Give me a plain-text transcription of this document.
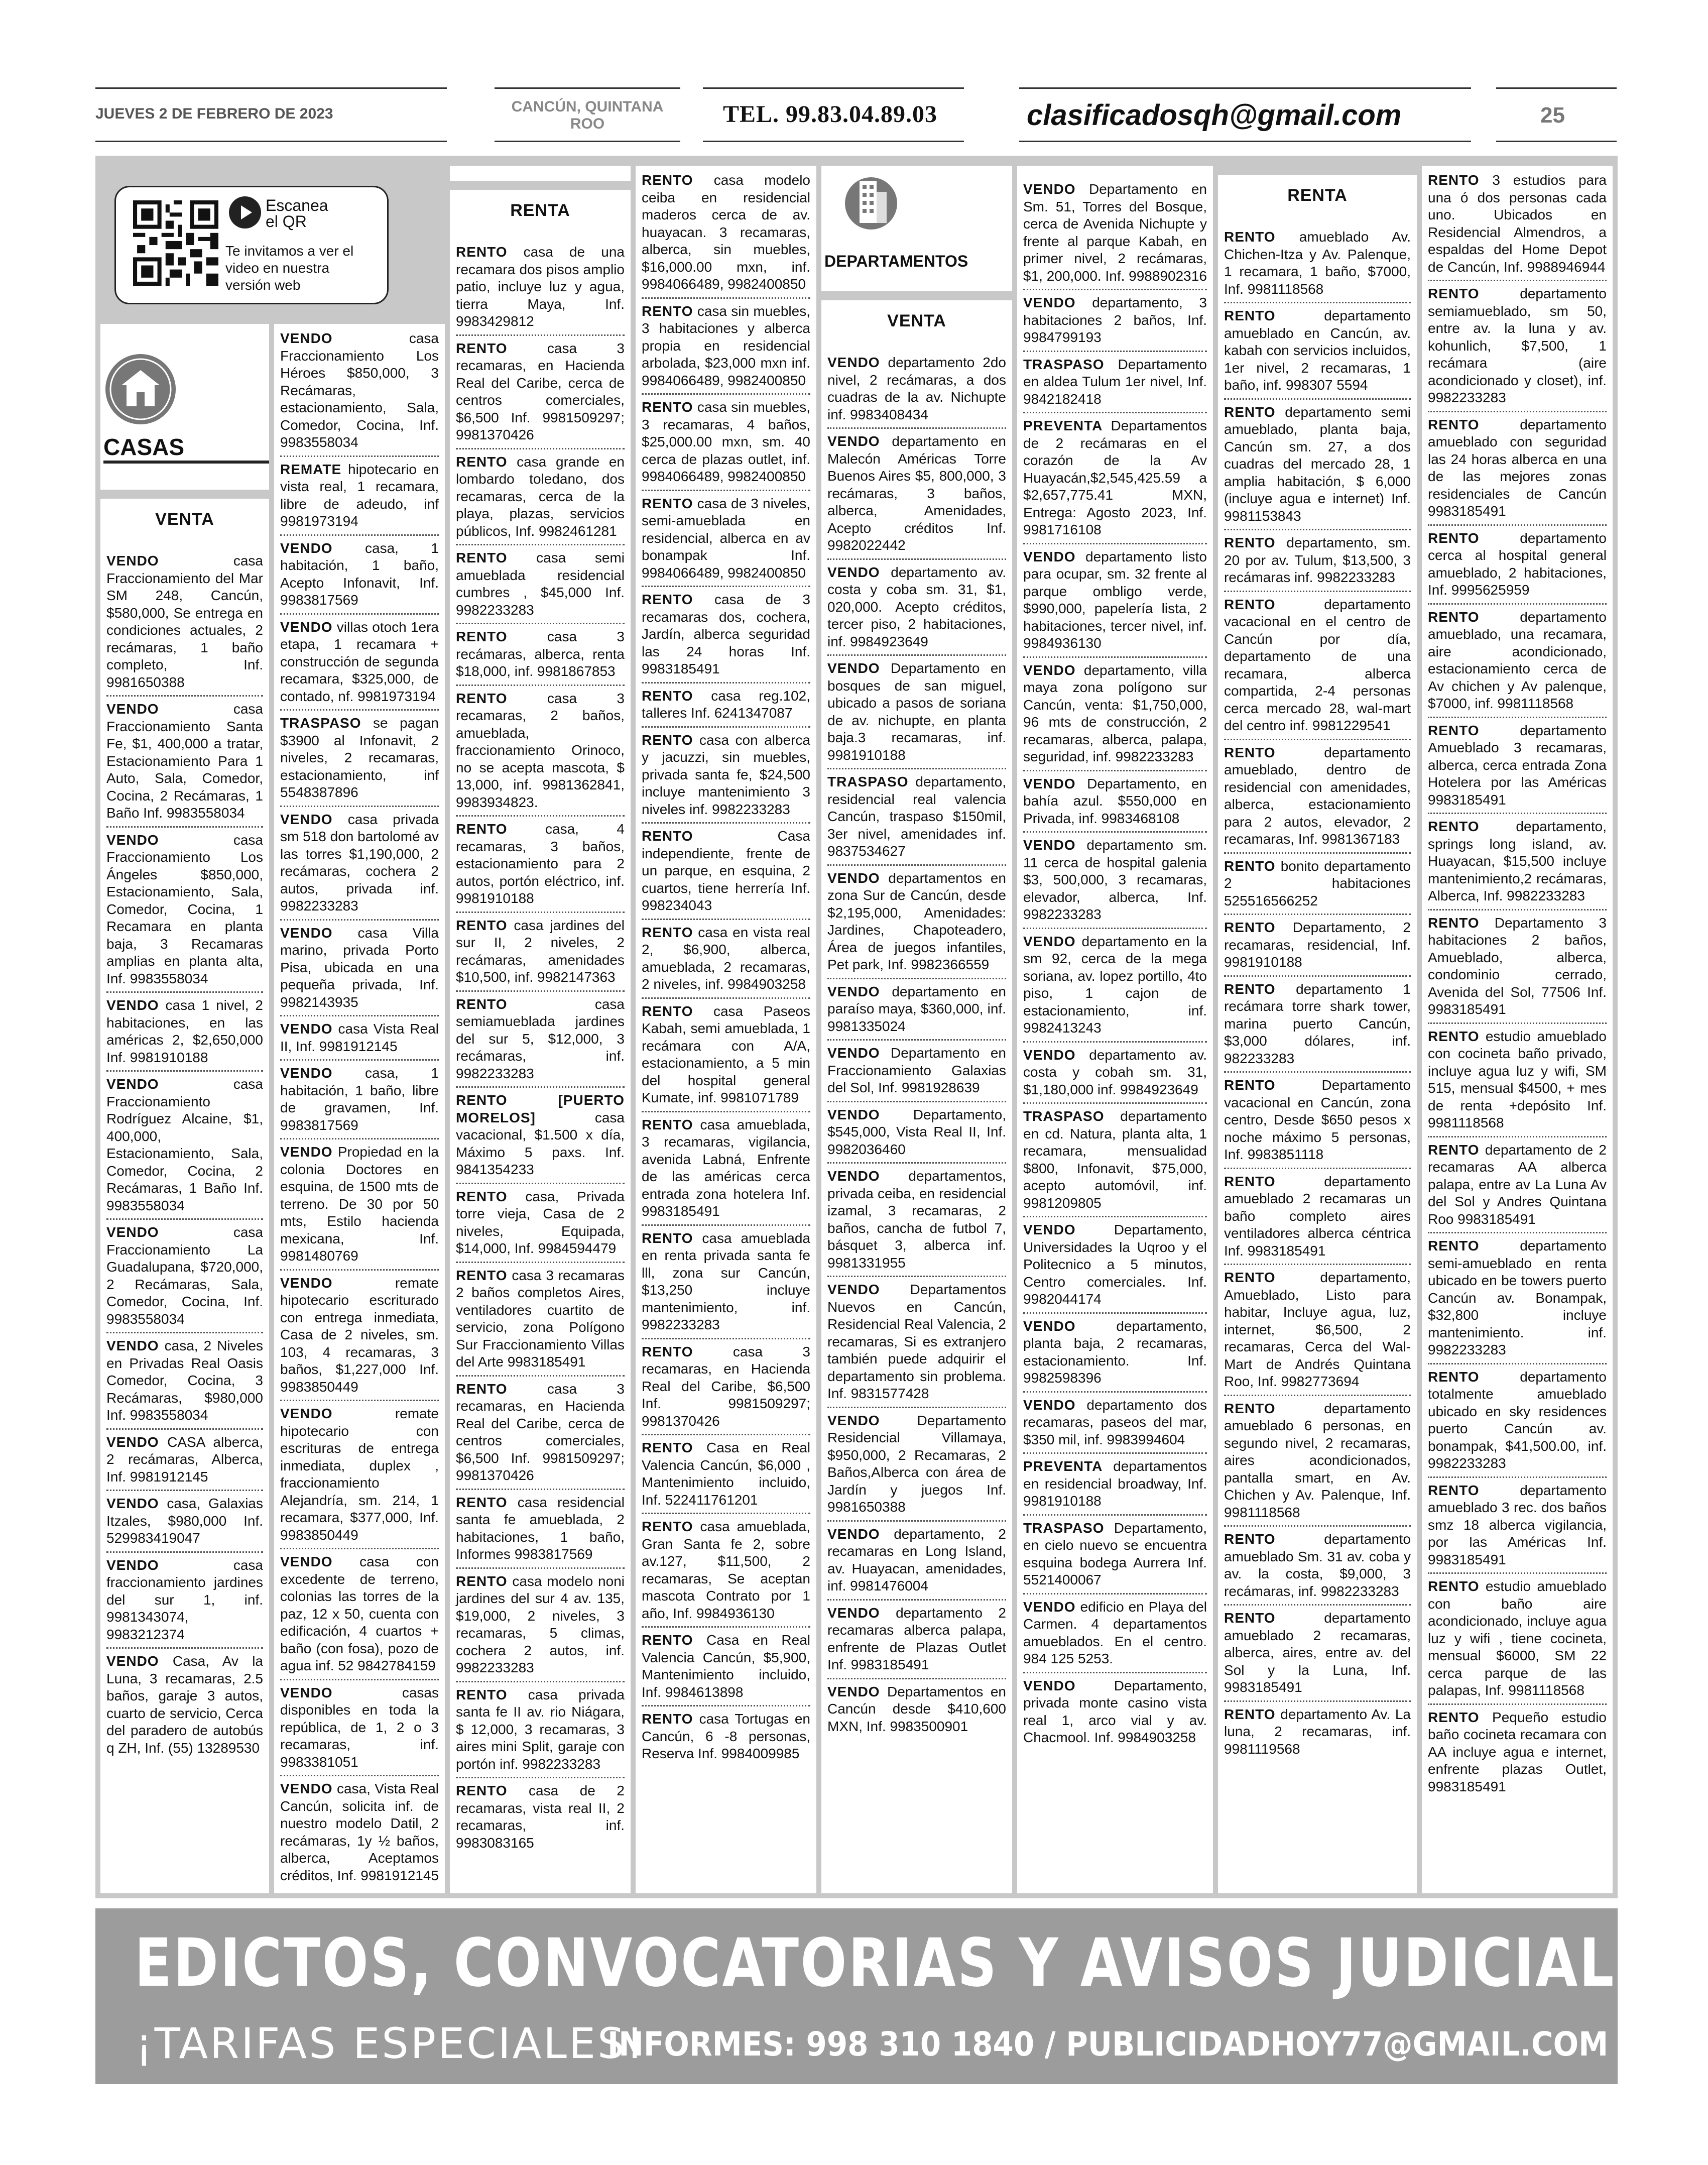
JUEVES 2 DE FEBRERO DE 2023	CANCÚN, QUINTANA ROO	TEL. 99.83.04.89.03	clasificadosqh@gmail.com	25
Escanea el QR
Te invitamos a ver el video en nuestra versión web
CASAS
VENTA

VENDO casa Fraccionamiento del Mar SM 248, Cancún, $580,000, Se entrega en condiciones actuales, 2 recámaras, 1 baño completo, Inf. 9981650388

VENDO casa Fraccionamiento Santa Fe, $1, 400,000 a tratar, Estacionamiento Para 1 Auto, Sala, Comedor, Cocina, 2 Recámaras, 1 Baño Inf. 9983558034

VENDO casa Fraccionamiento Los Ángeles $850,000, Estacionamiento, Sala, Comedor, Cocina, 1 Recamara en planta baja, 3 Recamaras amplias en planta alta, Inf. 9983558034

VENDO casa 1 nivel, 2 habitaciones, en las américas 2, $2,650,000 Inf. 9981910188

VENDO casa Fraccionamiento Rodríguez Alcaine, $1, 400,000, Estacionamiento, Sala, Comedor, Cocina, 2 Recámaras, 1 Baño Inf. 9983558034

VENDO casa Fraccionamiento La Guadalupana, $720,000, 2 Recámaras, Sala, Comedor, Cocina, Inf. 9983558034

VENDO casa, 2 Niveles en Privadas Real Oasis Comedor, Cocina, 3 Recámaras, $980,000 Inf. 9983558034

VENDO CASA alberca, 2 recámaras, Alberca, Inf. 9981912145

VENDO casa, Galaxias Itzales, $980,000 Inf. 529983419047

VENDO casa fraccionamiento jardines del sur 1, inf. 9981343074, 9983212374

VENDO Casa, Av la Luna, 3 recamaras, 2.5 baños, garaje 3 autos, cuarto de servicio, Cerca del paradero de autobús q ZH, Inf. (55) 13289530

VENDO casa Fraccionamiento Los Héroes $850,000, 3 Recámaras, estacionamiento, Sala, Comedor, Cocina, Inf. 9983558034

REMATE hipotecario en vista real, 1 recamara, libre de adeudo, inf 9981973194

VENDO casa, 1 habitación, 1 baño, Acepto Infonavit, Inf. 9983817569

VENDO villas otoch 1era etapa, 1 recamara + construcción de segunda recamara, $325,000, de contado, nf. 9981973194

TRASPASO se pagan $3900 al Infonavit, 2 niveles, 2 recamaras, estacionamiento, inf 5548387896

VENDO casa privada sm 518 don bartolomé av las torres $1,190,000, 2 recámaras, cochera 2 autos, privada inf. 9982233283

VENDO casa Villa marino, privada Porto Pisa, ubicada en una pequeña privada, Inf. 9982143935

VENDO casa Vista Real II, Inf. 9981912145

VENDO casa, 1 habitación, 1 baño, libre de gravamen, Inf. 9983817569

VENDO Propiedad en la colonia Doctores en esquina, de 1500 mts de terreno. De 30 por 50 mts, Estilo hacienda mexicana, Inf. 9981480769

VENDO remate hipotecario escriturado con entrega inmediata, Casa de 2 niveles, sm. 103, 4 recamaras, 3 baños, $1,227,000 Inf. 9983850449

VENDO remate hipotecario con escrituras de entrega inmediata, duplex , fraccionamiento Alejandría, sm. 214, 1 recamara, $377,000, Inf. 9983850449

VENDO casa con excedente de terreno, colonias las torres de la paz, 12 x 50, cuenta con edificación, 4 cuartos + baño (con fosa), pozo de agua inf. 52 9842784159

VENDO casas disponibles en toda la república, de 1, 2 o 3 recamaras, inf. 9983381051

VENDO casa, Vista Real Cancún, solicita inf. de nuestro modelo Datil, 2 recámaras, 1y ½ baños, alberca, Aceptamos créditos, Inf. 9981912145

RENTA

RENTO casa de una recamara dos pisos amplio patio, incluye luz y agua, tierra Maya, Inf. 9983429812

RENTO casa 3 recamaras, en Hacienda Real del Caribe, cerca de centros comerciales, $6,500 Inf. 9981509297; 9981370426

RENTO casa grande en lombardo toledano, dos recamaras, cerca de la playa, plazas, servicios públicos, Inf. 9982461281

RENTO casa semi amueblada residencial cumbres , $45,000 Inf. 9982233283

RENTO casa 3 recámaras, alberca, renta $18,000, inf. 9981867853

RENTO casa 3 recamaras, 2 baños, amueblada, fraccionamiento Orinoco, no se acepta mascota, $ 13,000, inf. 9981362841, 9983934823.

RENTO casa, 4 recamaras, 3 baños, estacionamiento para 2 autos, portón eléctrico, inf. 9981910188

RENTO casa jardines del sur II, 2 niveles, 2 recámaras, amenidades $10,500, inf. 9982147363

RENTO casa semiamueblada jardines del sur 5, $12,000, 3 recámaras, inf. 9982233283

RENTO [PUERTO MORELOS] casa vacacional, $1.500 x día, Máximo 5 paxs. Inf. 9841354233

RENTO casa, Privada torre vieja, Casa de 2 niveles, Equipada, $14,000, Inf. 9984594479

RENTO casa 3 recamaras 2 baños completos Aires, ventiladores cuartito de servicio, zona Polígono Sur Fraccionamiento Villas del Arte 9983185491

RENTO casa 3 recamaras, en Hacienda Real del Caribe, cerca de centros comerciales, $6,500 Inf. 9981509297; 9981370426

RENTO casa residencial santa fe amueblada, 2 habitaciones, 1 baño, Informes 9983817569

RENTO casa modelo noni jardines del sur 4 av. 135, $19,000, 2 niveles, 3 recamaras, 5 climas, cochera 2 autos, inf. 9982233283

RENTO casa privada santa fe II av. rio Niágara, $ 12,000, 3 recamaras, 3 aires mini Split, garaje con portón inf. 9982233283

RENTO casa de 2 recamaras, vista real II, 2 recamaras, inf. 9983083165

RENTO casa modelo ceiba en residencial maderos cerca de av. huayacan. 3 recamaras, alberca, sin muebles, $16,000.00 mxn, inf. 9984066489, 9982400850

RENTO casa sin muebles, 3 habitaciones y alberca propia en residencial arbolada, $23,000 mxn inf. 9984066489, 9982400850

RENTO casa sin muebles, 3 recamaras, 4 baños, $25,000.00 mxn, sm. 40 cerca de plazas outlet, inf. 9984066489, 9982400850

RENTO casa de 3 niveles, semi-amueblada en residencial, alberca en av bonampak Inf. 9984066489, 9982400850

RENTO casa de 3 recamaras dos, cochera, Jardín, alberca seguridad las 24 horas Inf. 9983185491

RENTO casa reg.102, talleres Inf. 6241347087

RENTO casa con alberca y jacuzzi, sin muebles, privada santa fe, $24,500 incluye mantenimiento 3 niveles inf. 9982233283

RENTO Casa independiente, frente de un parque, en esquina, 2 cuartos, tiene herrería Inf. 998234043

RENTO casa en vista real 2, $6,900, alberca, amueblada, 2 recamaras, 2 niveles, inf. 9984903258

RENTO casa Paseos Kabah, semi amueblada, 1 recámara con A/A, estacionamiento, a 5 min del hospital general Kumate, inf. 9981071789

RENTO casa amueblada, 3 recamaras, vigilancia, avenida Labná, Enfrente de las américas cerca entrada zona hotelera Inf. 9983185491

RENTO casa amueblada en renta privada santa fe lll, zona sur Cancún, $13,250 incluye mantenimiento, inf. 9982233283

RENTO casa 3 recamaras, en Hacienda Real del Caribe, $6,500 Inf. 9981509297; 9981370426

RENTO Casa en Real Valencia Cancún, $6,000 , Mantenimiento incluido, Inf. 522411761201

RENTO casa amueblada, Gran Santa fe 2, sobre av.127, $11,500, 2 recamaras, Se aceptan mascota Contrato por 1 año, Inf. 9984936130

RENTO Casa en Real Valencia Cancún, $5,900, Mantenimiento incluido, Inf. 9984613898

RENTO casa Tortugas en Cancún, 6 -8 personas, Reserva Inf. 9984009985

DEPARTAMENTOS
VENTA

VENDO departamento 2do nivel, 2 recámaras, a dos cuadras de la av. Nichupte inf. 9983408434

VENDO departamento en Malecón Américas Torre Buenos Aires $5, 800,000, 3 recámaras, 3 baños, alberca, Amenidades, Acepto créditos Inf. 9982022442

VENDO departamento av. costa y coba sm. 31, $1, 020,000. Acepto créditos, tercer piso, 2 habitaciones, inf. 9984923649

VENDO Departamento en bosques de san miguel, ubicado a pasos de soriana de av. nichupte, en planta baja.3 recamaras, inf. 9981910188

TRASPASO departamento, residencial real valencia Cancún, traspaso $150mil, 3er nivel, amenidades inf. 9837534627

VENDO departamentos en zona Sur de Cancún, desde $2,195,000, Amenidades: Jardines, Chapoteadero, Área de juegos infantiles, Pet park, Inf. 9982366559

VENDO departamento en paraíso maya, $360,000, inf. 9981335024

VENDO Departamento en Fraccionamiento Galaxias del Sol, Inf. 9981928639

VENDO Departamento, $545,000, Vista Real II, Inf. 9982036460

VENDO departamentos, privada ceiba, en residencial izamal, 3 recamaras, 2 baños, cancha de futbol 7, básquet 3, alberca inf. 9981331955

VENDO Departamentos Nuevos en Cancún, Residencial Real Valencia, 2 recamaras, Si es extranjero también puede adquirir el departamento sin problema. Inf. 9831577428

VENDO Departamento Residencial Villamaya, $950,000, 2 Recamaras, 2 Baños,Alberca con área de Jardín y juegos Inf. 9981650388

VENDO departamento, 2 recamaras en Long Island, av. Huayacan, amenidades, inf. 9981476004

VENDO departamento 2 recamaras alberca palapa, enfrente de Plazas Outlet Inf. 9983185491

VENDO Departamentos en Cancún desde $410,600 MXN, Inf. 9983500901

VENDO Departamento en Sm. 51, Torres del Bosque, cerca de Avenida Nichupte y frente al parque Kabah, en primer nivel, 2 recámaras, $1, 200,000. Inf. 9988902316

VENDO departamento, 3 habitaciones 2 baños, Inf. 9984799193

TRASPASO Departamento en aldea Tulum 1er nivel, Inf. 9842182418

PREVENTA Departamentos de 2 recámaras en el corazón de la Av Huayacán,$2,545,425.59 a $2,657,775.41 MXN, Entrega: Agosto 2023, Inf. 9981716108

VENDO departamento listo para ocupar, sm. 32 frente al parque ombligo verde, $990,000, papelería lista, 2 habitaciones, tercer nivel, inf. 9984936130

VENDO departamento, villa maya zona polígono sur Cancún, venta: $1,750,000, 96 mts de construcción, 2 recamaras, alberca, palapa, seguridad, inf. 9982233283

VENDO Departamento, en bahía azul. $550,000 en Privada, inf. 9983468108

VENDO departamento sm. 11 cerca de hospital galenia $3, 500,000, 3 recamaras, elevador, alberca, Inf. 9982233283

VENDO departamento en la sm 92, cerca de la mega soriana, av. lopez portillo, 4to piso, 1 cajon de estacionamiento, inf. 9982413243

VENDO departamento av. costa y cobah sm. 31, $1,180,000 inf. 9984923649

TRASPASO departamento en cd. Natura, planta alta, 1 recamara, mensualidad $800, Infonavit, $75,000, acepto automóvil, inf. 9981209805

VENDO Departamento, Universidades la Uqroo y el Politecnico a 5 minutos, Centro comerciales. Inf. 9982044174

VENDO departamento, planta baja, 2 recamaras, estacionamiento. Inf. 9982598396

VENDO departamento dos recamaras, paseos del mar, $350 mil, inf. 9983994604

PREVENTA departamentos en residencial broadway, Inf. 9981910188

TRASPASO Departamento, en cielo nuevo se encuentra esquina bodega Aurrera Inf. 5521400067

VENDO edificio en Playa del Carmen. 4 departamentos amueblados. En el centro. 984 125 5253.

VENDO Departamento, privada monte casino vista real 1, arco vial y av. Chacmool. Inf. 9984903258

RENTA

RENTO amueblado Av. Chichen-Itza y Av. Palenque, 1 recamara, 1 baño, $7000, Inf. 9981118568

RENTO departamento amueblado en Cancún, av. kabah con servicios incluidos, 1er nivel, 2 recamaras, 1 baño, inf. 998307 5594

RENTO departamento semi amueblado, planta baja, Cancún sm. 27, a dos cuadras del mercado 28, 1 amplia habitación, $ 6,000 (incluye agua e internet) Inf. 9981153843

RENTO departamento, sm. 20 por av. Tulum, $13,500, 3 recámaras inf. 9982233283

RENTO departamento vacacional en el centro de Cancún por día, departamento de una recamara, alberca compartida, 2-4 personas cerca mercado 28, wal-mart del centro inf. 9981229541

RENTO departamento amueblado, dentro de residencial con amenidades, alberca, estacionamiento para 2 autos, elevador, 2 recamaras, Inf. 9981367183

RENTO bonito departamento 2 habitaciones 525516566252

RENTO Departamento, 2 recamaras, residencial, Inf. 9981910188

RENTO departamento 1 recámara torre shark tower, marina puerto Cancún, $3,000 dólares, inf. 982233283

RENTO Departamento vacacional en Cancún, zona centro, Desde $650 pesos x noche máximo 5 personas, Inf. 9983851118

RENTO departamento amueblado 2 recamaras un baño completo aires ventiladores alberca céntrica Inf. 9983185491

RENTO departamento, Amueblado, Listo para habitar, Incluye agua, luz, internet, $6,500, 2 recamaras, Cerca del Wal-Mart de Andrés Quintana Roo, Inf. 9982773694

RENTO departamento amueblado 6 personas, en segundo nivel, 2 recamaras, aires acondicionados, pantalla smart, en Av. Chichen y Av. Palenque, Inf. 9981118568

RENTO departamento amueblado Sm. 31 av. coba y av. la costa, $9,000, 3 recámaras, inf. 9982233283

RENTO departamento amueblado 2 recamaras, alberca, aires, entre av. del Sol y la Luna, Inf. 9983185491

RENTO departamento Av. La luna, 2 recamaras, inf. 9981119568

RENTO 3 estudios para una ó dos personas cada uno. Ubicados en Residencial Almendros, a espaldas del Home Depot de Cancún, Inf. 9988946944

RENTO departamento semiamueblado, sm 50, entre av. la luna y av. kohunlich, $7,500, 1 recámara (aire acondicionado y closet), inf. 9982233283

RENTO departamento amueblado con seguridad las 24 horas alberca en una de las mejores zonas residenciales de Cancún 9983185491

RENTO departamento cerca al hospital general amueblado, 2 habitaciones, Inf. 9995625959

RENTO departamento amueblado, una recamara, aire acondicionado, estacionamiento cerca de Av chichen y Av palenque, $7000, inf. 9981118568

RENTO departamento Amueblado 3 recamaras, alberca, cerca entrada Zona Hotelera por las Américas 9983185491

RENTO departamento, springs long island, av. Huayacan, $15,500 incluye mantenimiento,2 recámaras, Alberca, Inf. 9982233283

RENTO Departamento 3 habitaciones 2 baños, Amueblado, alberca, condominio cerrado, Avenida del Sol, 77506 Inf. 9983185491

RENTO estudio amueblado con cocineta baño privado, incluye agua luz y wifi, SM 515, mensual $4500, + mes de renta +depósito Inf. 9981118568

RENTO departamento de 2 recamaras AA alberca palapa, entre av La Luna Av del Sol y Andres Quintana Roo 9983185491

RENTO departamento semi-amueblado en renta ubicado en be towers puerto Cancún av. Bonampak, $32,800 incluye mantenimiento. inf. 9982233283

RENTO departamento totalmente amueblado ubicado en sky residences puerto Cancún av. bonampak, $41,500.00, inf. 9982233283

RENTO departamento amueblado 3 rec. dos baños smz 18 alberca vigilancia, por las Américas Inf. 9983185491

RENTO estudio amueblado con baño aire acondicionado, incluye agua luz y wifi , tiene cocineta, mensual $6000, SM 22 cerca parque de las palapas, Inf. 9981118568

RENTO Pequeño estudio baño cocineta recamara con AA incluye agua e internet, enfrente plazas Outlet, 9983185491

EDICTOS, CONVOCATORIAS Y AVISOS JUDICIALES
¡TARIFAS ESPECIALES!
INFORMES: 998 310 1840 / PUBLICIDADHOY77@GMAIL.COM
